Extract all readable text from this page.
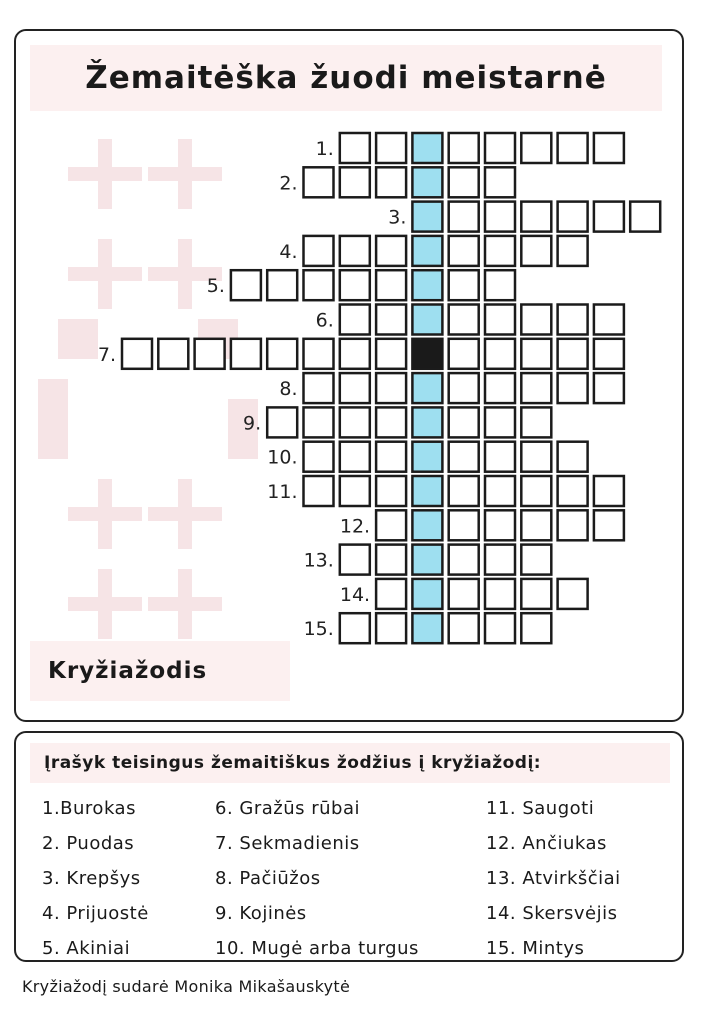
Žemaitėška žuodi meistarnė
Kryžiažodis
1.
2.
3.
4.
5.
6.
7.
8.
9.
10.
11.
12.
13.
14.
15.
Įrašyk teisingus žemaitiškus žodžius į kryžiažodį:
1.Burokas
2. Puodas
3. Krepšys
4. Prijuostė
5. Akiniai
6. Gražūs rūbai
7. Sekmadienis
8. Pačiūžos
9. Kojinės
10. Mugė arba turgus
11. Saugoti
12. Ančiukas
13. Atvirkščiai
14. Skersvėjis
15. Mintys
Kryžiažodį sudarė Monika Mikašauskytė
